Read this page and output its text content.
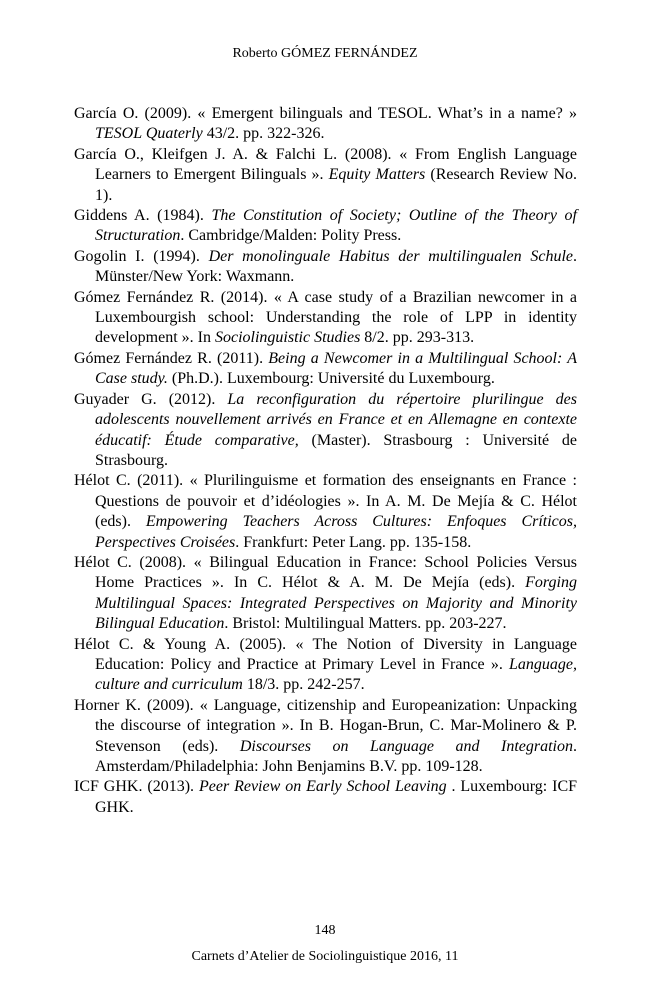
Roberto GÓMEZ FERNÁNDEZ

García O. (2009). « Emergent bilinguals and TESOL. What’s in a name? » TESOL Quaterly 43/2. pp. 322-326.

García O., Kleifgen J. A. & Falchi L. (2008). « From English Language Learners to Emergent Bilinguals ». Equity Matters (Research Review No. 1).

Giddens A. (1984). The Constitution of Society; Outline of the Theory of Structuration. Cambridge/Malden: Polity Press.

Gogolin I. (1994). Der monolinguale Habitus der multilingualen Schule. Münster/New York: Waxmann.

Gómez Fernández R. (2014). « A case study of a Brazilian newcomer in a Luxembourgish school: Understanding the role of LPP in identity development ». In Sociolinguistic Studies 8/2. pp. 293-313.

Gómez Fernández R. (2011). Being a Newcomer in a Multilingual School: A Case study. (Ph.D.). Luxembourg: Université du Luxembourg.

Guyader G. (2012). La reconfiguration du répertoire plurilingue des adolescents nouvellement arrivés en France et en Allemagne en contexte éducatif: Étude comparative, (Master). Strasbourg : Université de Strasbourg.

Hélot C. (2011). « Plurilinguisme et formation des enseignants en France : Questions de pouvoir et d’idéologies ». In A. M. De Mejía & C. Hélot (eds). Empowering Teachers Across Cultures: Enfoques Críticos, Perspectives Croisées. Frankfurt: Peter Lang. pp. 135-158.

Hélot C. (2008). « Bilingual Education in France: School Policies Versus Home Practices ». In C. Hélot & A. M. De Mejía (eds). Forging Multilingual Spaces: Integrated Perspectives on Majority and Minority Bilingual Education. Bristol: Multilingual Matters. pp. 203-227.

Hélot C. & Young A. (2005). « The Notion of Diversity in Language Education: Policy and Practice at Primary Level in France ». Language, culture and curriculum 18/3. pp. 242-257.

Horner K. (2009). « Language, citizenship and Europeanization: Unpacking the discourse of integration ». In B. Hogan-Brun, C. Mar-Molinero & P. Stevenson (eds). Discourses on Language and Integration. Amsterdam/Philadelphia: John Benjamins B.V. pp. 109-128.

ICF GHK. (2013). Peer Review on Early School Leaving . Luxembourg: ICF GHK.

148
Carnets d’Atelier de Sociolinguistique 2016, 11
